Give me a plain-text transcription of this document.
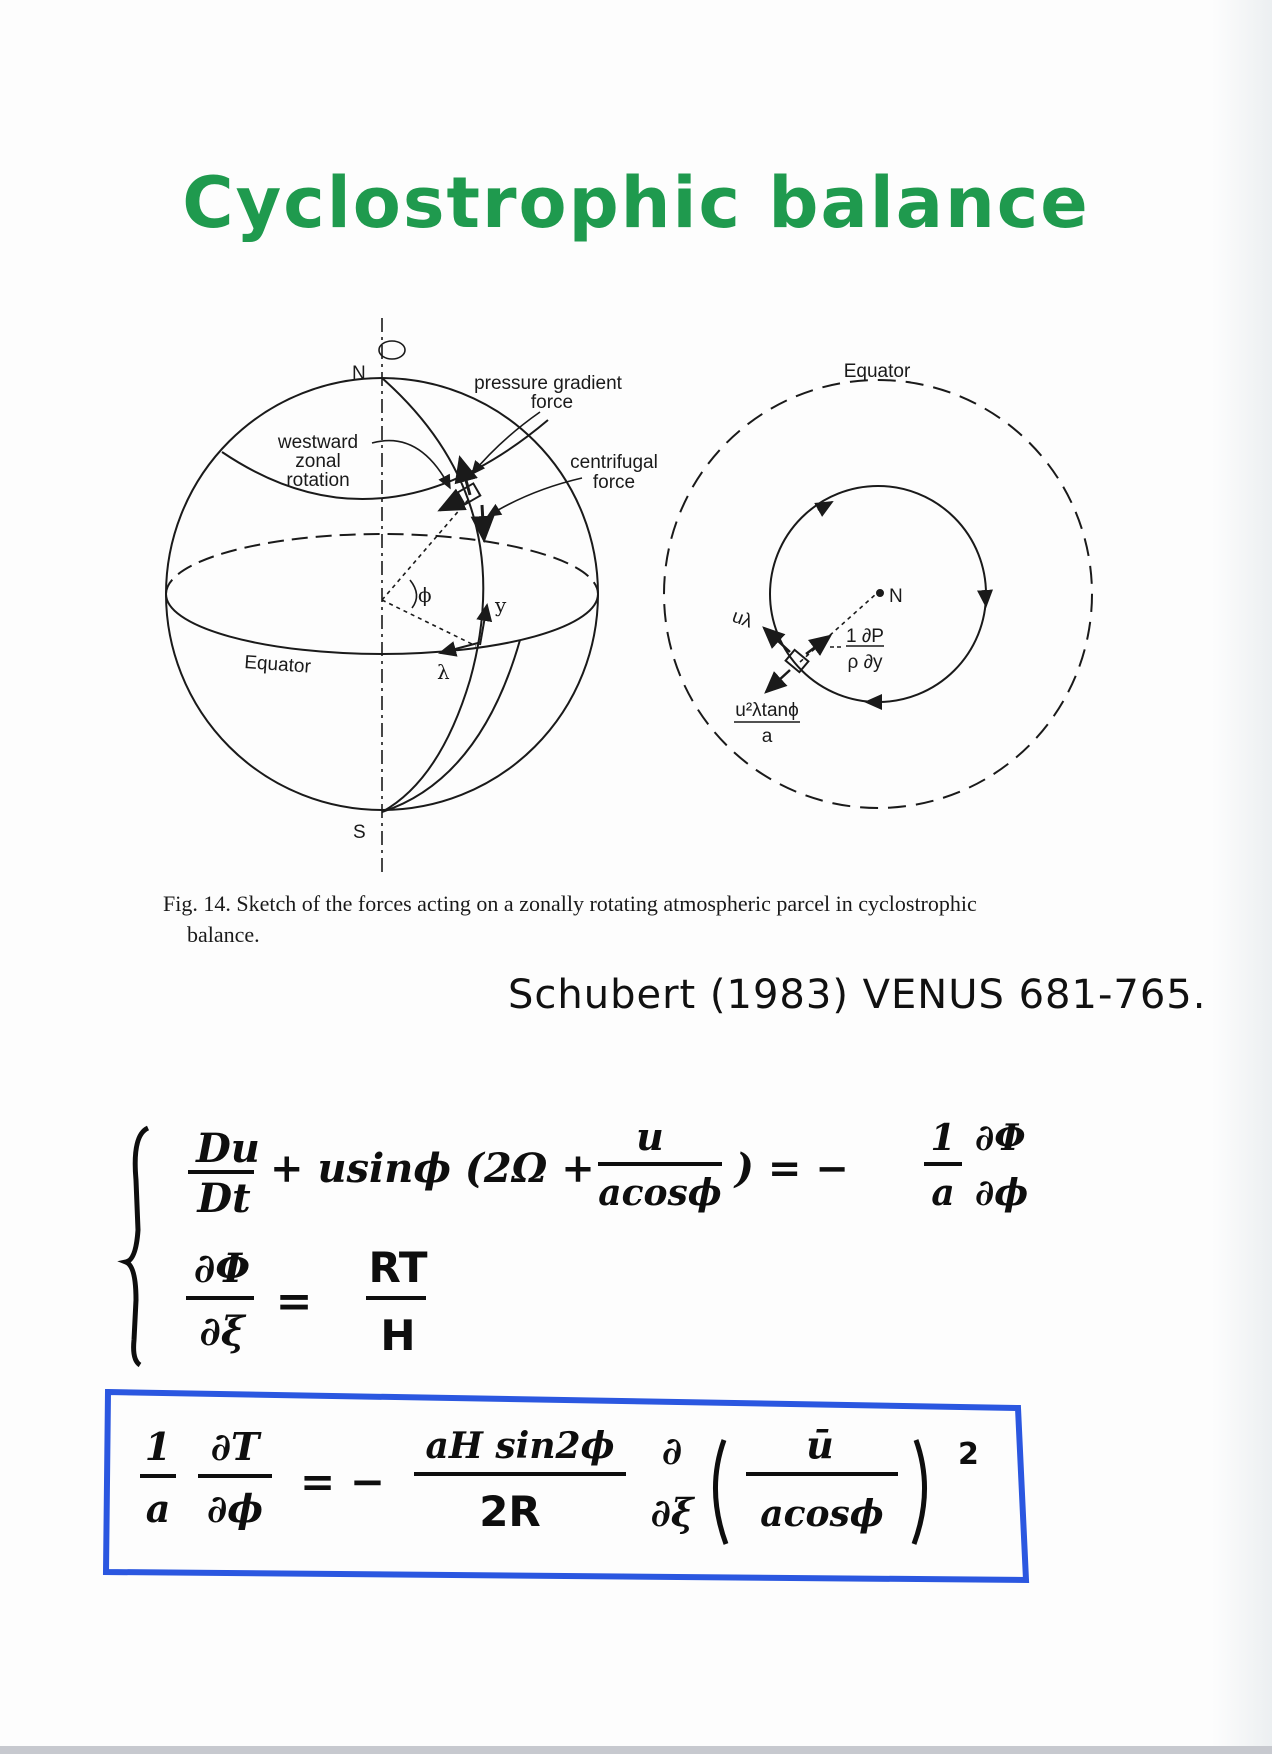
Cyclostrophic balance
N
S
westward
zonal
rotation
pressure gradient
force
centrifugal
force
Equator
ϕ	y
λ
Equator
N
uλ
1 ∂P
ρ ∂y
u²λtanϕ
a
Fig. 14. Sketch of the forces acting on a zonally rotating atmospheric parcel in cyclostrophic
balance.
Schubert (1983) VENUS 681-765.
Du
Dt
+ usinϕ (2Ω +
u
acosϕ
) = −
1
a
∂Φ
∂ϕ
∂Φ
∂ξ
=
RT
H
1
a
∂T
∂ϕ
= −
aH sin2ϕ
2R
∂
∂ξ
ū
acosϕ
2
